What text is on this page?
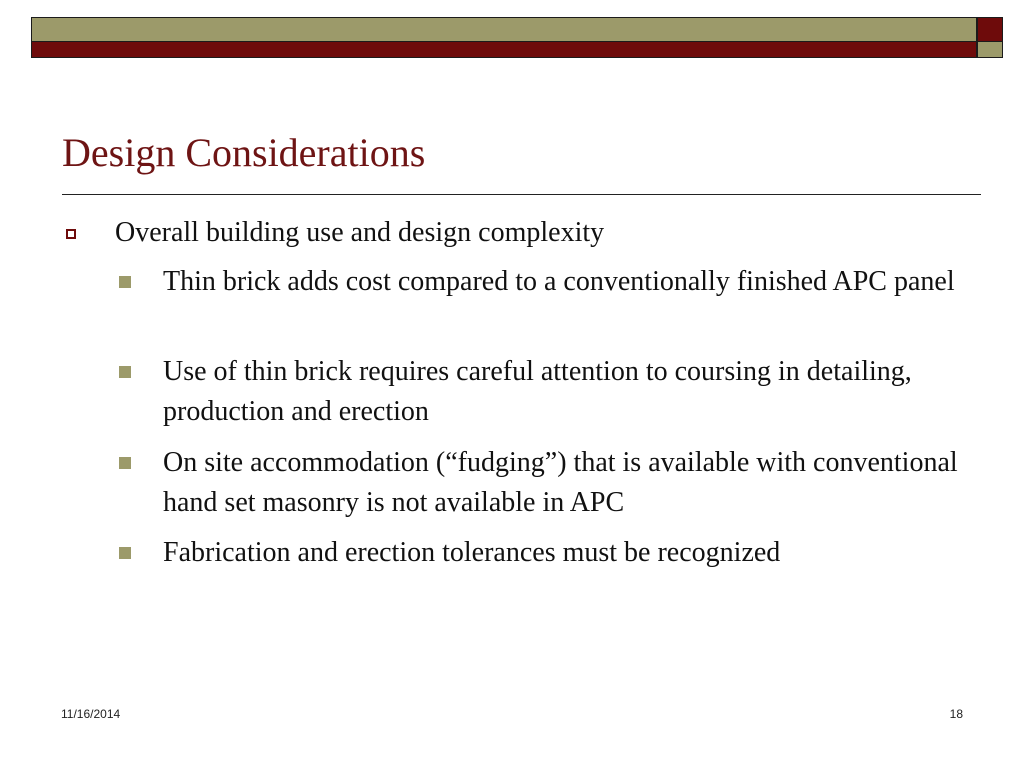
Design Considerations
Overall building use and design complexity
Thin brick adds cost compared to a conventionally finished APC panel
Use of thin brick requires careful attention to coursing in detailing, production and erection
On site accommodation (“fudging”) that is available with conventional hand set masonry is not available in APC
Fabrication and erection tolerances must be recognized
11/16/2014	18
